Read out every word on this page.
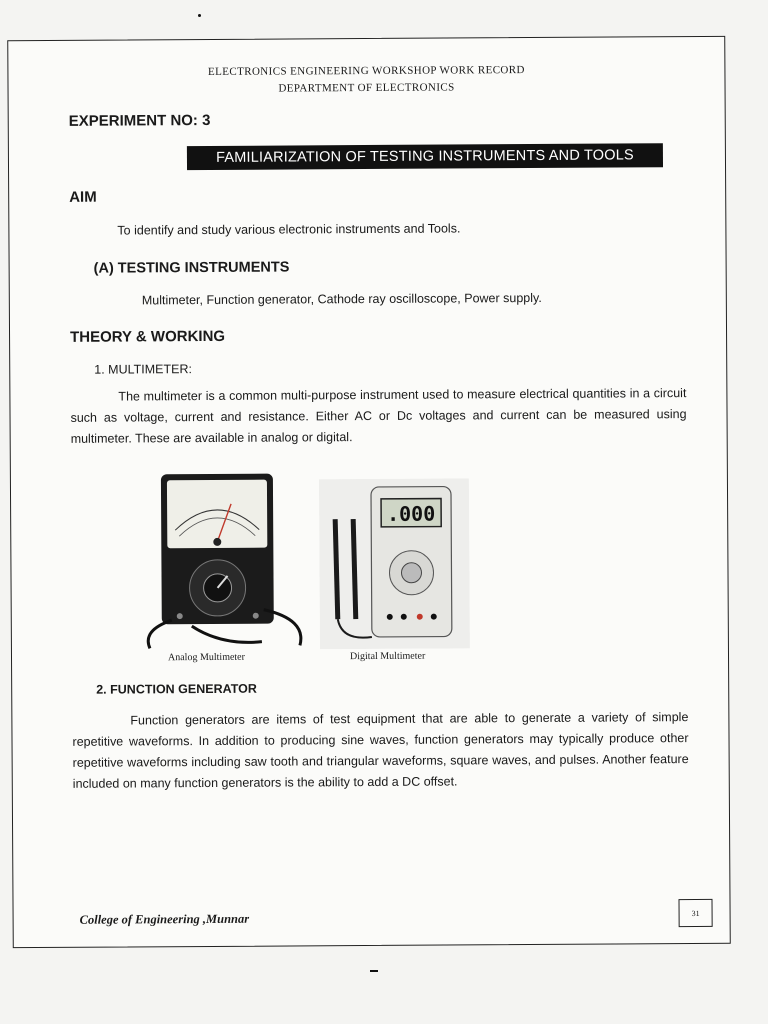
ELECTRONICS ENGINEERING WORKSHOP WORK RECORD
DEPARTMENT OF ELECTRONICS
EXPERIMENT NO: 3
FAMILIARIZATION OF TESTING INSTRUMENTS AND TOOLS
AIM
To identify and study various electronic instruments and Tools.
(A) TESTING INSTRUMENTS
Multimeter, Function generator, Cathode ray oscilloscope, Power supply.
THEORY & WORKING
1. MULTIMETER:
The multimeter is a common multi-purpose instrument used to measure electrical quantities in a circuit such as voltage, current and resistance. Either AC or Dc voltages and current can be measured using multimeter. These are available in analog or digital.
Analog Multimeter
.000
Digital Multimeter
2. FUNCTION GENERATOR
Function generators are items of test equipment that are able to generate a variety of simple repetitive waveforms. In addition to producing sine waves, function generators may typically produce other repetitive waveforms including saw tooth and triangular waveforms, square waves, and pulses. Another feature included on many function generators is the ability to add a DC offset.
College of Engineering ,Munnar	31
